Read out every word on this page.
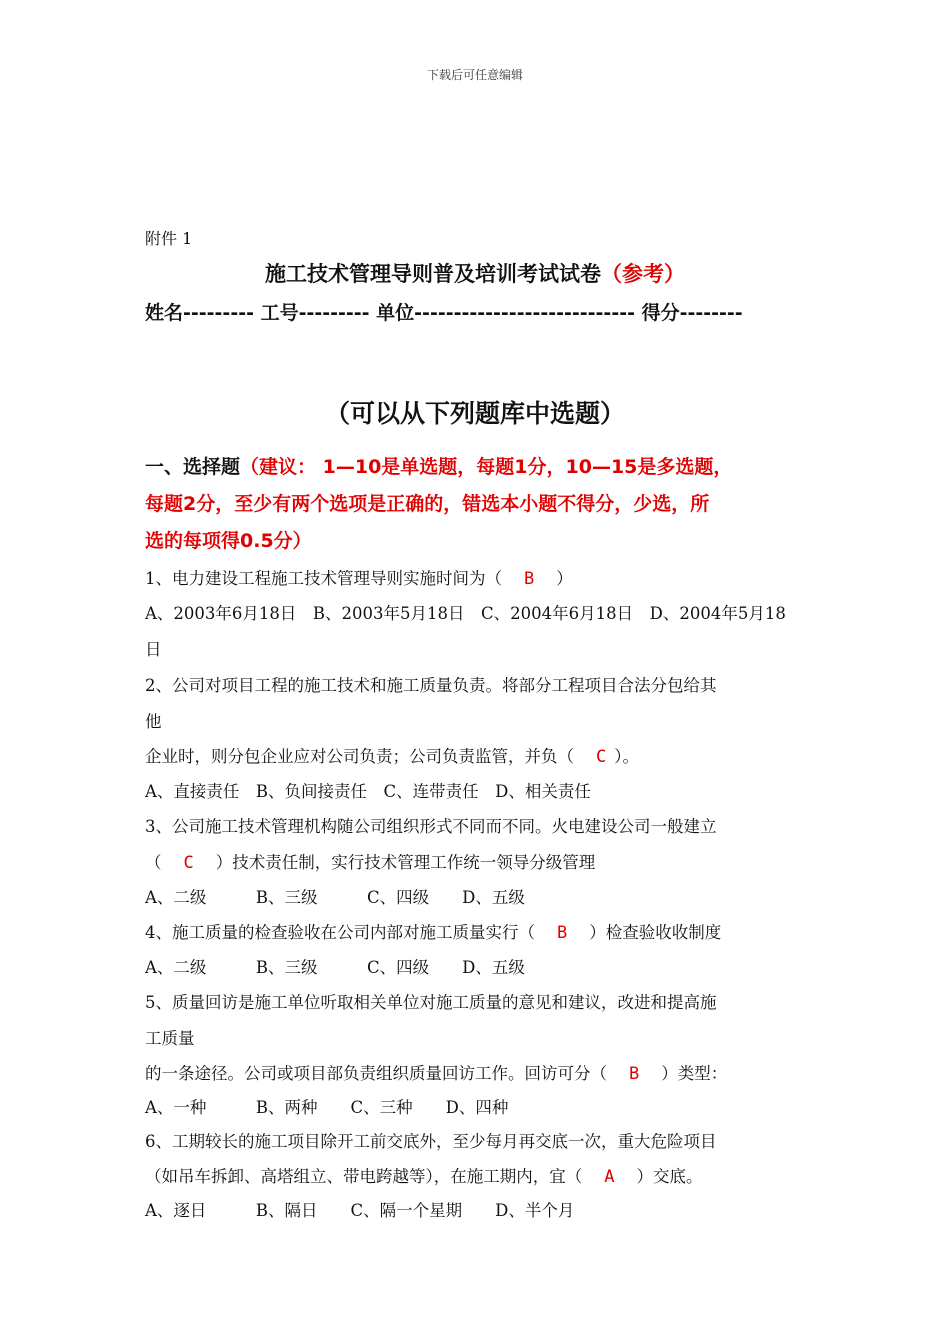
下载后可任意编辑
附件 1
施工技术管理导则普及培训考试试卷（参考）
姓名--------- 工号--------- 单位---------------------------- 得分--------
（可以从下列题库中选题）
一、选择题（建议： 1—10是单选题，每题1分，10—15是多选题，
每题2分，至少有两个选项是正确的，错选本小题不得分，少选，所
选的每项得0.5分）
1、电力建设工程施工技术管理导则实施时间为（ B ）
A、2003年6月18日　B、2003年5月18日　C、2004年6月18日　D、2004年5月18
日
2、公司对项目工程的施工技术和施工质量负责。将部分工程项目合法分包给其
他
企业时，则分包企业应对公司负责；公司负责监管，并负（ C ）。
A、直接责任　B、负间接责任　C、连带责任　D、相关责任
3、公司施工技术管理机构随公司组织形式不同而不同。火电建设公司一般建立
（ C ）技术责任制，实行技术管理工作统一领导分级管理
A、二级　　　B、三级　　　C、四级　　D、五级
4、施工质量的检查验收在公司内部对施工质量实行（ B ）检查验收收制度
A、二级　　　B、三级　　　C、四级　　D、五级
5、质量回访是施工单位听取相关单位对施工质量的意见和建议，改进和提高施
工质量
的一条途径。公司或项目部负责组织质量回访工作。回访可分（ B ）类型：
A、一种　　　B、两种　　C、三种　　D、四种
6、工期较长的施工项目除开工前交底外，至少每月再交底一次，重大危险项目
（如吊车拆卸、高塔组立、带电跨越等），在施工期内，宜（ A ）交底。
A、逐日　　　B、隔日　　C、隔一个星期　　D、半个月
